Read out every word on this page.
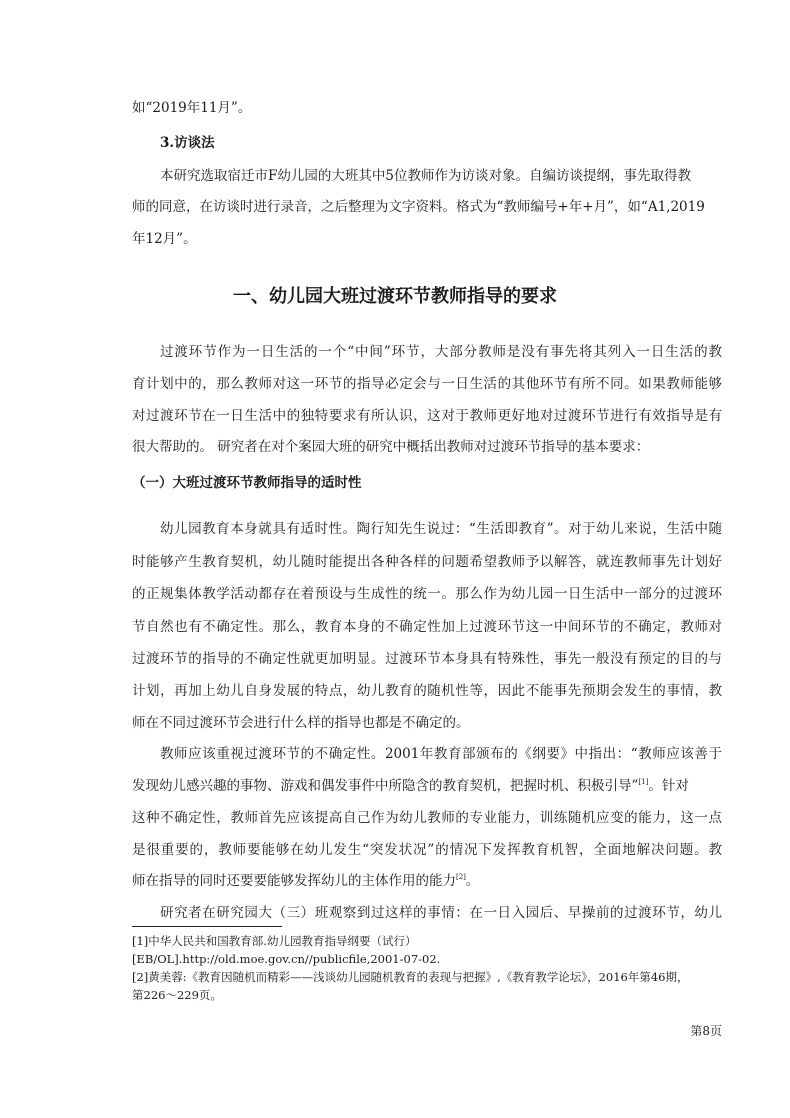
如“2019年11月”。
3.访谈法
本研究选取宿迁市F幼儿园的大班其中5位教师作为访谈对象。自编访谈提纲，事先取得教
师的同意，在访谈时进行录音，之后整理为文字资料。格式为“教师编号+年+月”，如“A1,2019
年12月”。
一、幼儿园大班过渡环节教师指导的要求
过渡环节作为一日生活的一个“中间”环节，大部分教师是没有事先将其列入一日生活的教
育计划中的，那么教师对这一环节的指导必定会与一日生活的其他环节有所不同。如果教师能够
对过渡环节在一日生活中的独特要求有所认识，这对于教师更好地对过渡环节进行有效指导是有
很大帮助的。 研究者在对个案园大班的研究中概括出教师对过渡环节指导的基本要求：
（一）大班过渡环节教师指导的适时性
幼儿园教育本身就具有适时性。陶行知先生说过：“生活即教育”。对于幼儿来说，生活中随
时能够产生教育契机，幼儿随时能提出各种各样的问题希望教师予以解答，就连教师事先计划好
的正规集体教学活动都存在着预设与生成性的统一。那么作为幼儿园一日生活中一部分的过渡环
节自然也有不确定性。那么，教育本身的不确定性加上过渡环节这一中间环节的不确定，教师对
过渡环节的指导的不确定性就更加明显。过渡环节本身具有特殊性，事先一般没有预定的目的与
计划，再加上幼儿自身发展的特点，幼儿教育的随机性等，因此不能事先预期会发生的事情，教
师在不同过渡环节会进行什么样的指导也都是不确定的。
教师应该重视过渡环节的不确定性。2001年教育部颁布的《纲要》中指出：“教师应该善于
发现幼儿感兴趣的事物、游戏和偶发事件中所隐含的教育契机，把握时机、积极引导”[1]。针对
这种不确定性，教师首先应该提高自己作为幼儿教师的专业能力，训练随机应变的能力，这一点
是很重要的，教师要能够在幼儿发生“突发状况”的情况下发挥教育机智，全面地解决问题。教
师在指导的同时还要要能够发挥幼儿的主体作用的能力[2]。
研究者在研究园大（三）班观察到过这样的事情：在一日入园后、早操前的过渡环节，幼儿
[1]中华人民共和国教育部.幼儿园教育指导纲要（试行）
[EB/OL].http://old.moe.gov.cn//publicfile,2001-07-02.
[2]黄美蓉:《教育因随机而精彩——浅谈幼儿园随机教育的表现与把握》,《教育教学论坛》，2016年第46期，
第226～229页。
第8页
